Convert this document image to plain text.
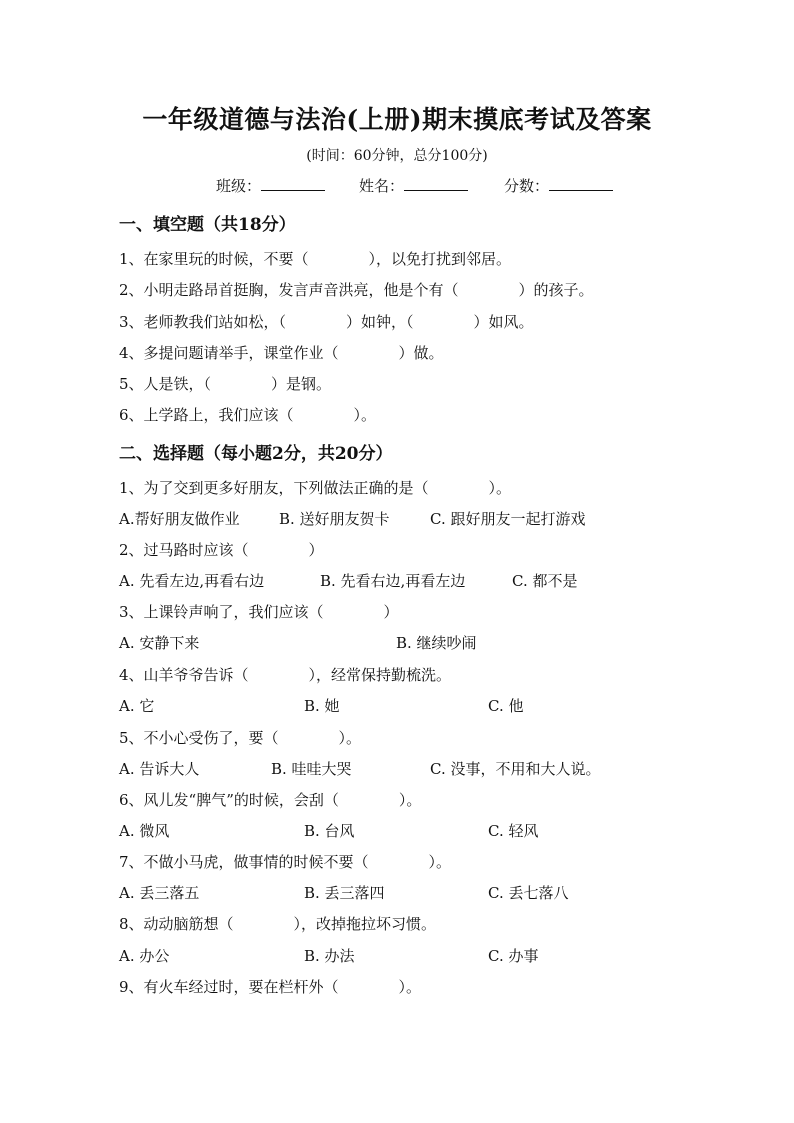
一年级道德与法治(上册)期末摸底考试及答案
(时间：60分钟，总分100分)
班级：	姓名：	分数：
一、填空题（共18分）
1、在家里玩的时候，不要（　　　　），以免打扰到邻居。
2、小明走路昂首挺胸，发言声音洪亮，他是个有（　　　　）的孩子。
3、老师教我们站如松，（　　　　）如钟，（　　　　）如风。
4、多提问题请举手，课堂作业（　　　　）做。
5、人是铁，（　　　　）是钢。
6、上学路上，我们应该（　　　　）。
二、选择题（每小题2分，共20分）
1、为了交到更多好朋友，下列做法正确的是（　　　　）。
A.帮好朋友做作业	B. 送好朋友贺卡	C. 跟好朋友一起打游戏
2、过马路时应该（　　　　）
A. 先看左边,再看右边	B. 先看右边,再看左边	C. 都不是
3、上课铃声响了，我们应该（　　　　）
A. 安静下来	B. 继续吵闹
4、山羊爷爷告诉（　　　　），经常保持勤梳洗。
A. 它	B. 她	C. 他
5、不小心受伤了，要（　　　　）。
A. 告诉大人	B. 哇哇大哭	C. 没事，不用和大人说。
6、风儿发“脾气”的时候，会刮（　　　　）。
A. 微风	B. 台风	C. 轻风
7、不做小马虎，做事情的时候不要（　　　　）。
A. 丢三落五	B. 丢三落四	C. 丢七落八
8、动动脑筋想（　　　　），改掉拖拉坏习惯。
A. 办公	B. 办法	C. 办事
9、有火车经过时，要在栏杆外（　　　　）。
